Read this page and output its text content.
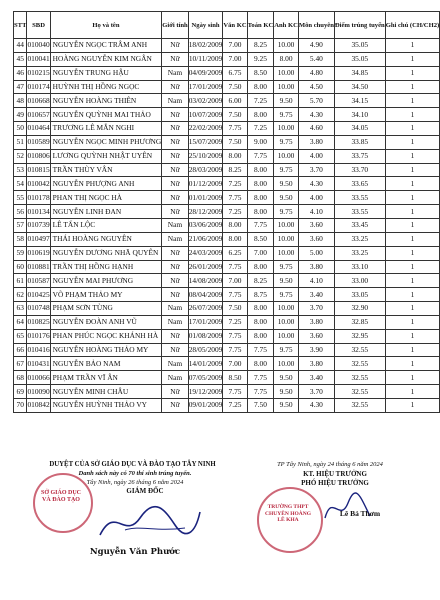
STT	SBD	Họ và tên	Giới tính	Ngày sinh	Văn KC	Toán KC	Anh KC	Môn chuyên	Điểm trúng tuyển	Ghi chú (CH/CH2)
44	010040	NGUYỄN NGỌC TRÂM ANH	Nữ	18/02/2009	7.00	8.25	10.00	4.90	35.05	1
45	010041	HOÀNG NGUYỄN KIM NGÂN	Nữ	10/11/2009	7.00	9.25	8.00	5.40	35.05	1
46	010215	NGUYỄN TRUNG HẬU	Nam	04/09/2009	6.75	8.50	10.00	4.80	34.85	1
47	010174	HUỲNH THỊ HỒNG NGỌC	Nữ	17/01/2009	7.50	8.00	10.00	4.50	34.50	1
48	010668	NGUYỄN HOÀNG THIÊN	Nam	03/02/2009	6.00	7.25	9.50	5.70	34.15	1
49	010657	NGUYỄN QUỲNH MAI THẢO	Nữ	10/07/2009	7.50	8.00	9.75	4.30	34.10	1
50	010464	TRƯƠNG LÊ MẪN NGHI	Nữ	22/02/2009	7.75	7.25	10.00	4.60	34.05	1
51	010589	NGUYỄN NGỌC MINH PHƯƠNG	Nữ	15/07/2009	7.50	9.00	9.75	3.80	33.85	1
52	010806	LƯƠNG QUỲNH NHẬT UYÊN	Nữ	25/10/2009	8.00	7.75	10.00	4.00	33.75	1
53	010815	TRẦN THÙY VÂN	Nữ	28/03/2009	8.25	8.00	9.75	3.70	33.70	1
54	010042	NGUYỄN PHƯỢNG ANH	Nữ	01/12/2009	7.25	8.00	9.50	4.30	33.65	1
55	010178	PHAN THỊ NGỌC HÀ	Nữ	01/01/2009	7.75	8.00	9.50	4.00	33.55	1
56	010134	NGUYỄN LINH ĐAN	Nữ	28/12/2009	7.25	8.00	9.75	4.10	33.55	1
57	010739	LÊ TẤN LỘC	Nam	03/06/2009	8.00	7.75	10.00	3.60	33.45	1
58	010497	THÁI HOÀNG NGUYÊN	Nam	21/06/2009	8.00	8.50	10.00	3.60	33.25	1
59	010619	NGUYỄN DƯƠNG NHÃ QUYÊN	Nữ	24/03/2009	6.25	7.00	10.00	5.00	33.25	1
60	010881	TRẦN THỊ HỒNG HẠNH	Nữ	26/01/2009	7.75	8.00	9.75	3.80	33.10	1
61	010587	NGUYỄN MAI PHƯƠNG	Nữ	14/08/2009	7.00	8.25	9.50	4.10	33.00	1
62	010425	VÕ PHẠM THẢO MY	Nữ	08/04/2009	7.75	8.75	9.75	3.40	33.05	1
63	010748	PHẠM SƠN TÙNG	Nam	26/07/2009	7.50	8.00	10.00	3.70	32.90	1
64	010825	NGUYỄN ĐOÀN ANH VŨ	Nam	17/01/2009	7.25	8.00	10.00	3.80	32.85	1
65	010176	PHAN PHÚC NGỌC KHÁNH HÀ	Nữ	01/08/2009	7.75	8.00	10.00	3.60	32.95	1
66	010416	NGUYỄN HOÀNG THẢO MY	Nữ	28/05/2009	7.75	7.75	9.75	3.90	32.55	1
67	010431	NGUYỄN BẢO NAM	Nam	14/01/2009	7.00	8.00	10.00	3.80	32.55	1
68	010066	PHẠM TRẦN VĨ ÂN	Nam	07/05/2009	8.50	7.75	9.50	3.40	32.55	1
69	010090	NGUYỄN MINH CHÂU	Nữ	19/12/2009	7.75	7.75	9.50	3.70	32.55	1
70	010842	NGUYỄN HUỲNH THẢO VY	Nữ	09/01/2009	7.25	7.50	9.50	4.30	32.55	1
DUYỆT CỦA SỞ GIÁO DỤC VÀ ĐÀO TẠO TÂY NINH
Danh sách này có 70 thí sinh trúng tuyển.
Tây Ninh, ngày 26 tháng 6 năm 2024
GIÁM ĐỐC
SỞ GIÁO DỤC VÀ ĐÀO TẠO
Nguyễn Văn Phước
TP Tây Ninh, ngày 24 tháng 6 năm 2024
KT. HIỆU TRƯỞNG
PHÓ HIỆU TRƯỞNG
TRƯỜNG THPT CHUYÊN HOÀNG LÊ KHA
Lê Bá Thơm
